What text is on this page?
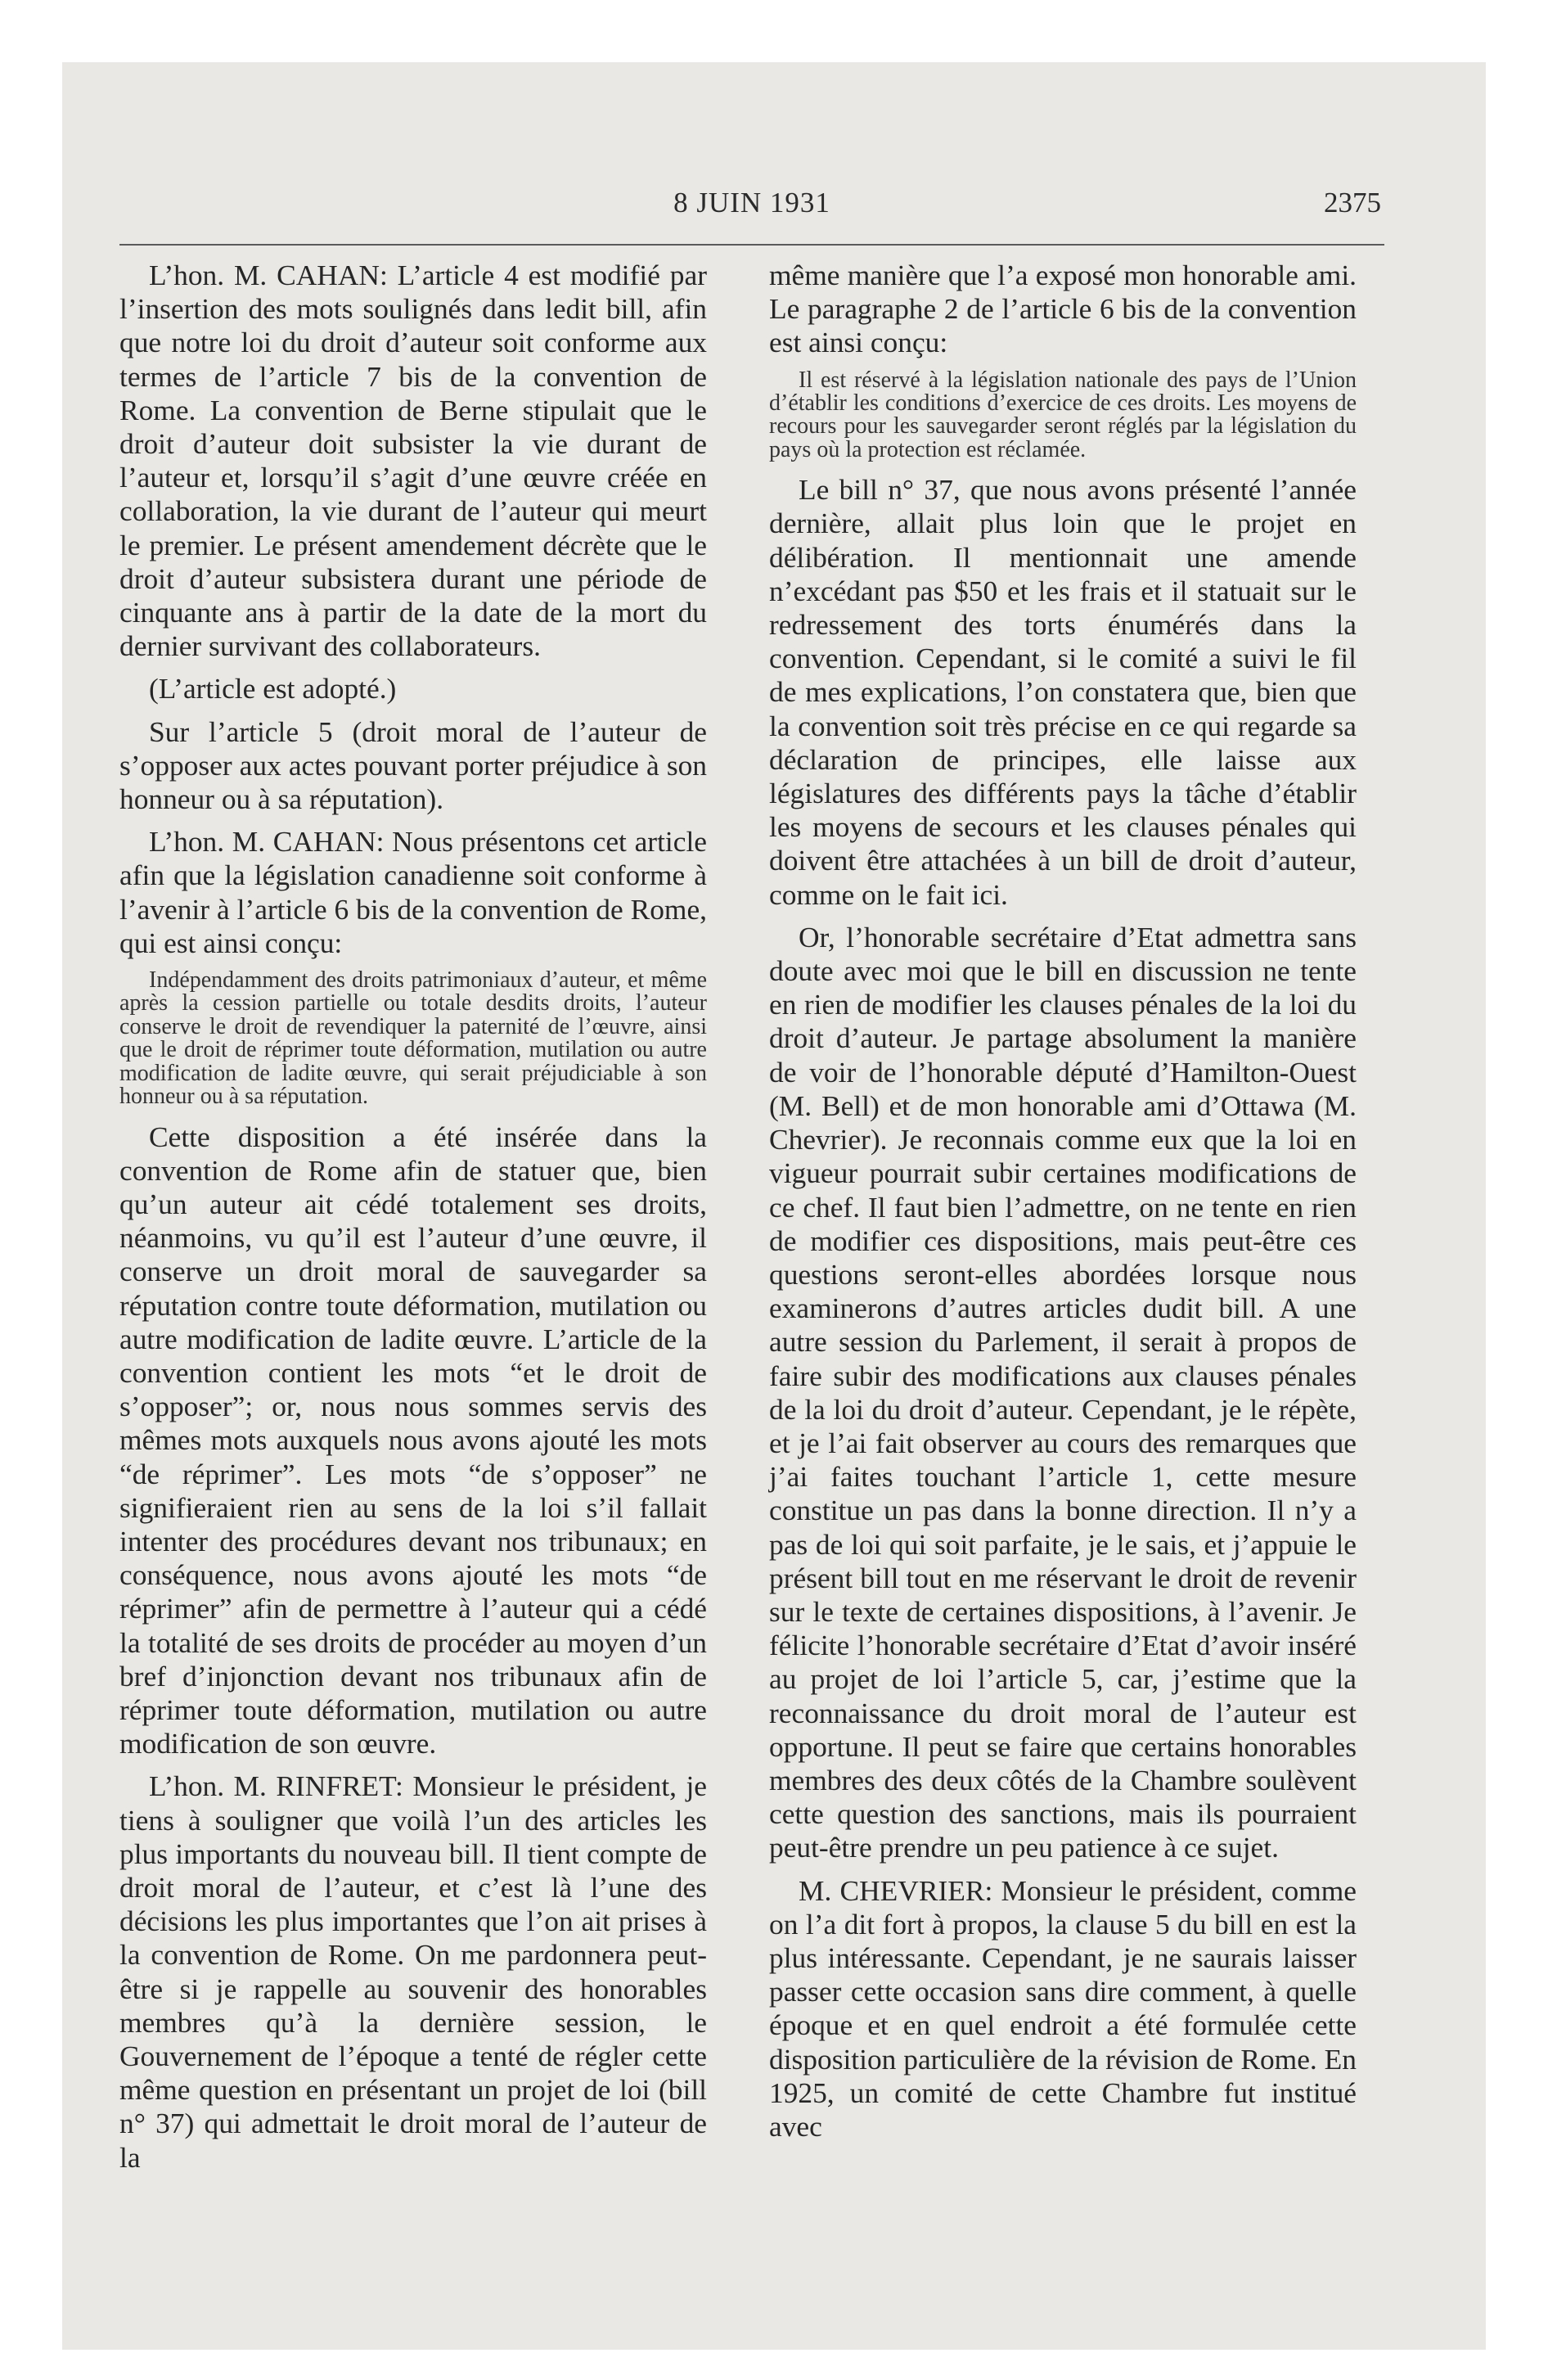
8 JUIN 1931	2375

L’hon. M. CAHAN: L’article 4 est modifié par l’insertion des mots soulignés dans ledit bill, afin que notre loi du droit d’auteur soit conforme aux termes de l’article 7 bis de la convention de Rome. La convention de Berne stipulait que le droit d’auteur doit subsister la vie durant de l’auteur et, lorsqu’il s’agit d’une œuvre créée en collaboration, la vie durant de l’auteur qui meurt le premier. Le présent amendement décrète que le droit d’auteur subsistera durant une période de cinquante ans à partir de la date de la mort du dernier survivant des collaborateurs.

(L’article est adopté.)

Sur l’article 5 (droit moral de l’auteur de s’opposer aux actes pouvant porter préjudice à son honneur ou à sa réputation).

L’hon. M. CAHAN: Nous présentons cet article afin que la législation canadienne soit conforme à l’avenir à l’article 6 bis de la convention de Rome, qui est ainsi conçu:

Indépendamment des droits patrimoniaux d’auteur, et même après la cession partielle ou totale desdits droits, l’auteur conserve le droit de revendiquer la paternité de l’œuvre, ainsi que le droit de réprimer toute déformation, mutilation ou autre modification de ladite œuvre, qui serait préjudiciable à son honneur ou à sa réputation.

Cette disposition a été insérée dans la convention de Rome afin de statuer que, bien qu’un auteur ait cédé totalement ses droits, néanmoins, vu qu’il est l’auteur d’une œuvre, il conserve un droit moral de sauvegarder sa réputation contre toute déformation, mutilation ou autre modification de ladite œuvre. L’article de la convention contient les mots “et le droit de s’opposer”; or, nous nous sommes servis des mêmes mots auxquels nous avons ajouté les mots “de réprimer”. Les mots “de s’opposer” ne signifieraient rien au sens de la loi s’il fallait intenter des procédures devant nos tribunaux; en conséquence, nous avons ajouté les mots “de réprimer” afin de permettre à l’auteur qui a cédé la totalité de ses droits de procéder au moyen d’un bref d’injonction devant nos tribunaux afin de réprimer toute déformation, mutilation ou autre modification de son œuvre.

L’hon. M. RINFRET: Monsieur le président, je tiens à souligner que voilà l’un des articles les plus importants du nouveau bill. Il tient compte de droit moral de l’auteur, et c’est là l’une des décisions les plus importantes que l’on ait prises à la convention de Rome. On me pardonnera peut-être si je rappelle au souvenir des honorables membres qu’à la dernière session, le Gouvernement de l’époque a tenté de régler cette même question en présentant un projet de loi (bill n° 37) qui admettait le droit moral de l’auteur de la

même manière que l’a exposé mon honorable ami. Le paragraphe 2 de l’article 6 bis de la convention est ainsi conçu:

Il est réservé à la législation nationale des pays de l’Union d’établir les conditions d’exercice de ces droits. Les moyens de recours pour les sauvegarder seront réglés par la législation du pays où la protection est réclamée.

Le bill n° 37, que nous avons présenté l’année dernière, allait plus loin que le projet en délibération. Il mentionnait une amende n’excédant pas $50 et les frais et il statuait sur le redressement des torts énumérés dans la convention. Cependant, si le comité a suivi le fil de mes explications, l’on constatera que, bien que la convention soit très précise en ce qui regarde sa déclaration de principes, elle laisse aux législatures des différents pays la tâche d’établir les moyens de secours et les clauses pénales qui doivent être attachées à un bill de droit d’auteur, comme on le fait ici.

Or, l’honorable secrétaire d’Etat admettra sans doute avec moi que le bill en discussion ne tente en rien de modifier les clauses pénales de la loi du droit d’auteur. Je partage absolument la manière de voir de l’honorable député d’Hamilton-Ouest (M. Bell) et de mon honorable ami d’Ottawa (M. Chevrier). Je reconnais comme eux que la loi en vigueur pourrait subir certaines modifications de ce chef. Il faut bien l’admettre, on ne tente en rien de modifier ces dispositions, mais peut-être ces questions seront-elles abordées lorsque nous examinerons d’autres articles dudit bill. A une autre session du Parlement, il serait à propos de faire subir des modifications aux clauses pénales de la loi du droit d’auteur. Cependant, je le répète, et je l’ai fait observer au cours des remarques que j’ai faites touchant l’article 1, cette mesure constitue un pas dans la bonne direction. Il n’y a pas de loi qui soit parfaite, je le sais, et j’appuie le présent bill tout en me réservant le droit de revenir sur le texte de certaines dispositions, à l’avenir. Je félicite l’honorable secrétaire d’Etat d’avoir inséré au projet de loi l’article 5, car, j’estime que la reconnaissance du droit moral de l’auteur est opportune. Il peut se faire que certains honorables membres des deux côtés de la Chambre soulèvent cette question des sanctions, mais ils pourraient peut-être prendre un peu patience à ce sujet.

M. CHEVRIER: Monsieur le président, comme on l’a dit fort à propos, la clause 5 du bill en est la plus intéressante. Cependant, je ne saurais laisser passer cette occasion sans dire comment, à quelle époque et en quel endroit a été formulée cette disposition particulière de la révision de Rome. En 1925, un comité de cette Chambre fut institué avec
